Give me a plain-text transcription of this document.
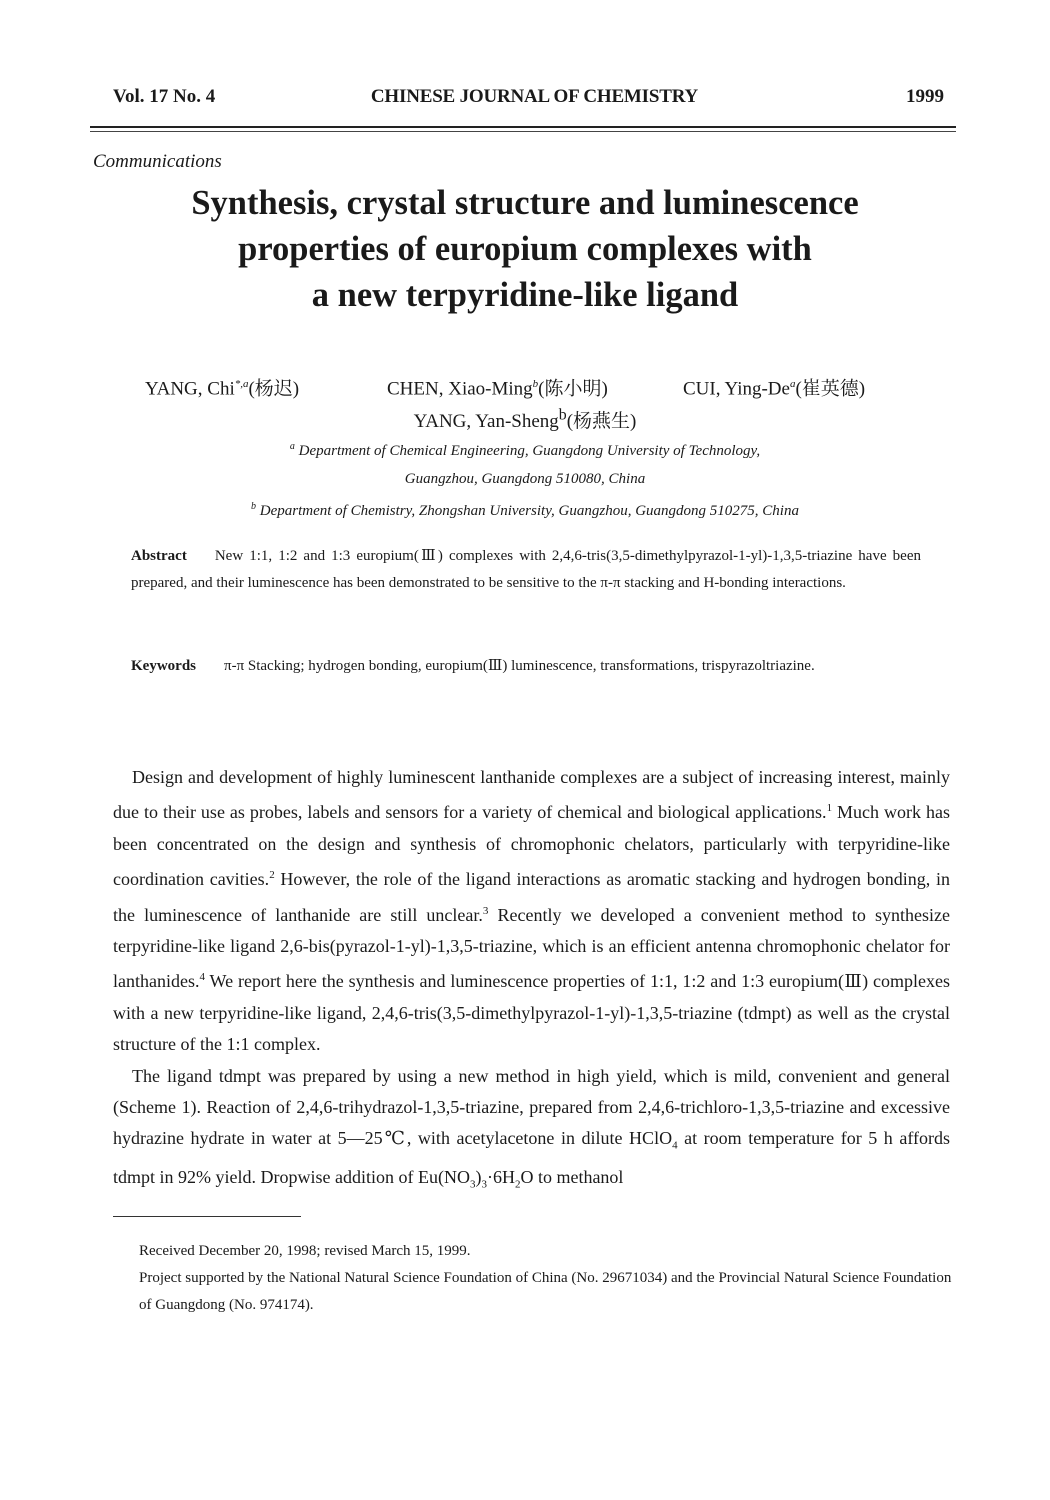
Vol. 17 No. 4	CHINESE JOURNAL OF CHEMISTRY	1999
Communications
Synthesis, crystal structure and luminescence
properties of europium complexes with
a new terpyridine-like ligand
YANG, Chi$^{*,a}$(杨迟)	CHEN, Xiao-Ming$^b$(陈小明)	CUI, Ying-De$^a$(崔英德)
YANG, Yan-Sheng$^b$(杨燕生)
$^a$ Department of Chemical Engineering, Guangdong University of Technology,
Guangzhou, Guangdong 510080, China
$^b$ Department of Chemistry, Zhongshan University, Guangzhou, Guangdong 510275, China
Abstract New 1:1, 1:2 and 1:3 europium(Ⅲ) complexes with 2,4,6-tris(3,5-dimethylpyrazol-1-yl)-1,3,5-triazine have been prepared, and their luminescence has been demonstrated to be sensitive to the π-π stacking and H-bonding interactions.
Keywords π-π Stacking; hydrogen bonding, europium(Ⅲ) luminescence, transformations, trispyrazoltriazine.

Design and development of highly luminescent lanthanide complexes are a subject of increasing interest, mainly due to their use as probes, labels and sensors for a variety of chemical and biological applications.$^1$ Much work has been concentrated on the design and synthesis of chromophonic chelators, particularly with terpyridine-like coordination cavities.$^2$ However, the role of the ligand interactions as aromatic stacking and hydrogen bonding, in the luminescence of lanthanide are still unclear.$^3$ Recently we developed a convenient method to synthesize terpyridine-like ligand 2,6-bis(pyrazol-1-yl)-1,3,5-triazine, which is an efficient antenna chromophonic chelator for lanthanides.$^4$ We report here the synthesis and luminescence properties of 1:1, 1:2 and 1:3 europium(Ⅲ) complexes with a new terpyridine-like ligand, 2,4,6-tris(3,5-dimethylpyrazol-1-yl)-1,3,5-triazine (tdmpt) as well as the crystal structure of the 1:1 complex.

The ligand tdmpt was prepared by using a new method in high yield, which is mild, convenient and general (Scheme 1). Reaction of 2,4,6-trihydrazol-1,3,5-triazine, prepared from 2,4,6-trichloro-1,3,5-triazine and excessive hydrazine hydrate in water at 5—25℃, with acetylacetone in dilute HClO$_4$ at room temperature for 5 h affords tdmpt in 92% yield. Dropwise addition of $Eu(NO_3)_3\cdot 6H_2O$ to methanol

Received December 20, 1998; revised March 15, 1999.

Project supported by the National Natural Science Foundation of China (No. 29671034) and the Provincial Natural Science Foundation of Guangdong (No. 974174).
